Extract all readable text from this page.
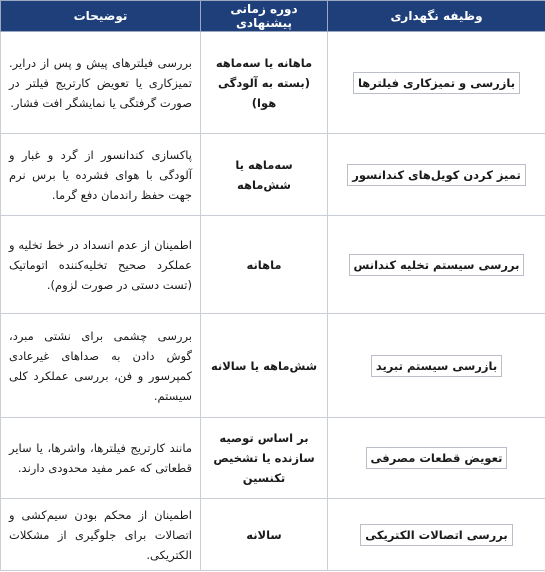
وظیفه نگهداری	دوره زمانی پیشنهادی	توضیحات
بازرسی و تمیزکاری فیلترها	ماهانه یا سه‌ماهه (بسته به آلودگی هوا)	بررسی فیلترهای پیش و پس از درایر. تمیزکاری یا تعویض کارتریج فیلتر در صورت گرفتگی یا نمایشگر افت فشار.
تمیز کردن کویل‌های کندانسور	سه‌ماهه یا شش‌ماهه	پاکسازی کندانسور از گرد و غبار و آلودگی با هوای فشرده یا برس نرم جهت حفظ راندمان دفع گرما.
بررسی سیستم تخلیه کندانس	ماهانه	اطمینان از عدم انسداد در خط تخلیه و عملکرد صحیح تخلیه‌کننده اتوماتیک (تست دستی در صورت لزوم).
بازرسی سیستم تبرید	شش‌ماهه یا سالانه	بررسی چشمی برای نشتی مبرد، گوش دادن به صداهای غیرعادی کمپرسور و فن، بررسی عملکرد کلی سیستم.
تعویض قطعات مصرفی	بر اساس توصیه سازنده یا تشخیص تکنسین	مانند کارتریج فیلترها، واشرها، یا سایر قطعاتی که عمر مفید محدودی دارند.
بررسی اتصالات الکتریکی	سالانه	اطمینان از محکم بودن سیم‌کشی و اتصالات برای جلوگیری از مشکلات الکتریکی.
